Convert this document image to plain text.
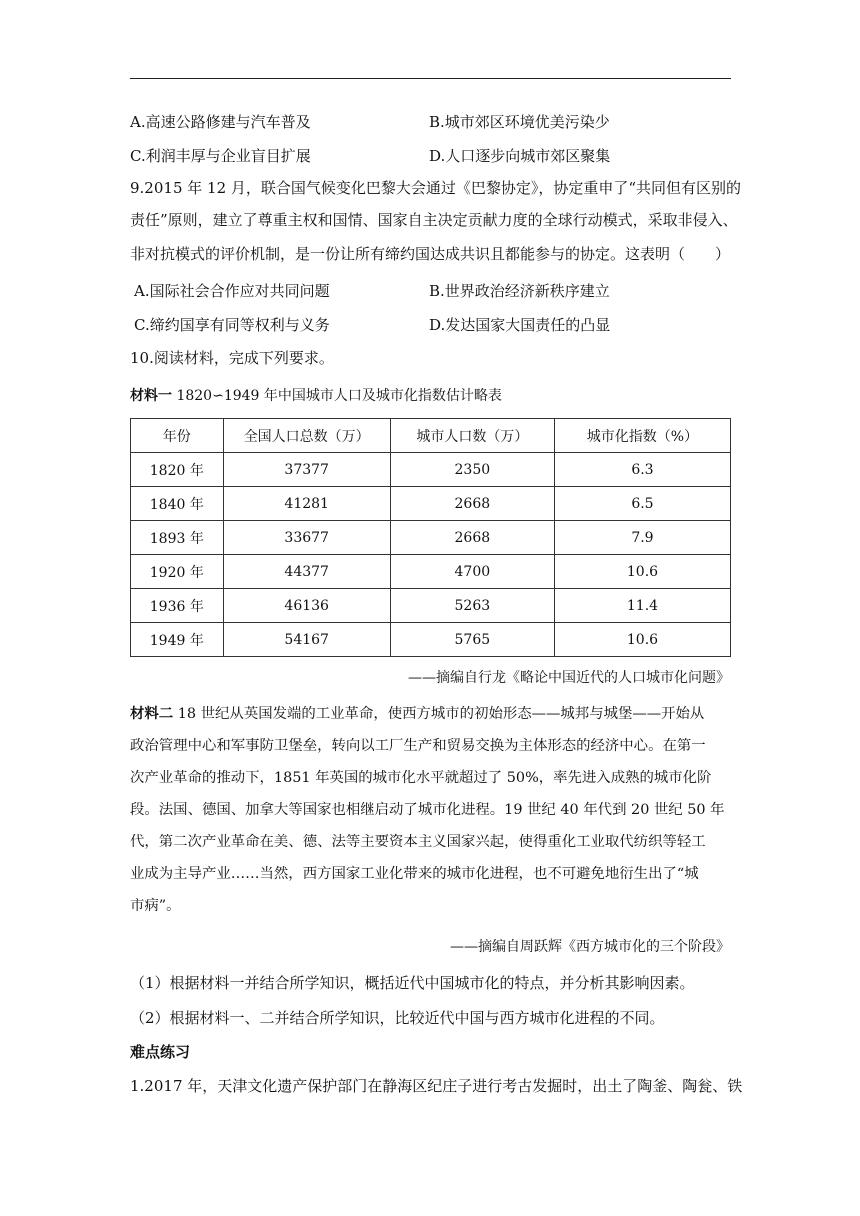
A.高速公路修建与汽车普及	B.城市郊区环境优美污染少
C.利润丰厚与企业盲目扩展	D.人口逐步向城市郊区聚集
9.2015 年 12 月，联合国气候变化巴黎大会通过《巴黎协定》，协定重申了“共同但有区别的
责任”原则，建立了尊重主权和国情、国家自主决定贡献力度的全球行动模式，采取非侵入、
非对抗模式的评价机制，是一份让所有缔约国达成共识且都能参与的协定。这表明（　　）
A.国际社会合作应对共同问题	B.世界政治经济新秩序建立
C.缔约国享有同等权利与义务	D.发达国家大国责任的凸显
10.阅读材料，完成下列要求。
材料一 1820∽1949 年中国城市人口及城市化指数估计略表
年份	全国人口总数（万）	城市人口数（万）	城市化指数（%）
1820 年	37377	2350	6.3
1840 年	41281	2668	6.5
1893 年	33677	2668	7.9
1920 年	44377	4700	10.6
1936 年	46136	5263	11.4
1949 年	54167	5765	10.6
——摘编自行龙《略论中国近代的人口城市化问题》
材料二 18 世纪从英国发端的工业革命，使西方城市的初始形态——城邦与城堡——开始从
政治管理中心和军事防卫堡垒，转向以工厂生产和贸易交换为主体形态的经济中心。在第一
次产业革命的推动下，1851 年英国的城市化水平就超过了 50%，率先进入成熟的城市化阶
段。法国、德国、加拿大等国家也相继启动了城市化进程。19 世纪 40 年代到 20 世纪 50 年
代，第二次产业革命在美、德、法等主要资本主义国家兴起，使得重化工业取代纺织等轻工
业成为主导产业……当然，西方国家工业化带来的城市化进程，也不可避免地衍生出了“城
市病”。
——摘编自周跃辉《西方城市化的三个阶段》
（1）根据材料一并结合所学知识，概括近代中国城市化的特点，并分析其影响因素。
（2）根据材料一、二并结合所学知识，比较近代中国与西方城市化进程的不同。
难点练习
1.2017 年，天津文化遗产保护部门在静海区纪庄子进行考古发掘时，出土了陶釜、陶瓮、铁
